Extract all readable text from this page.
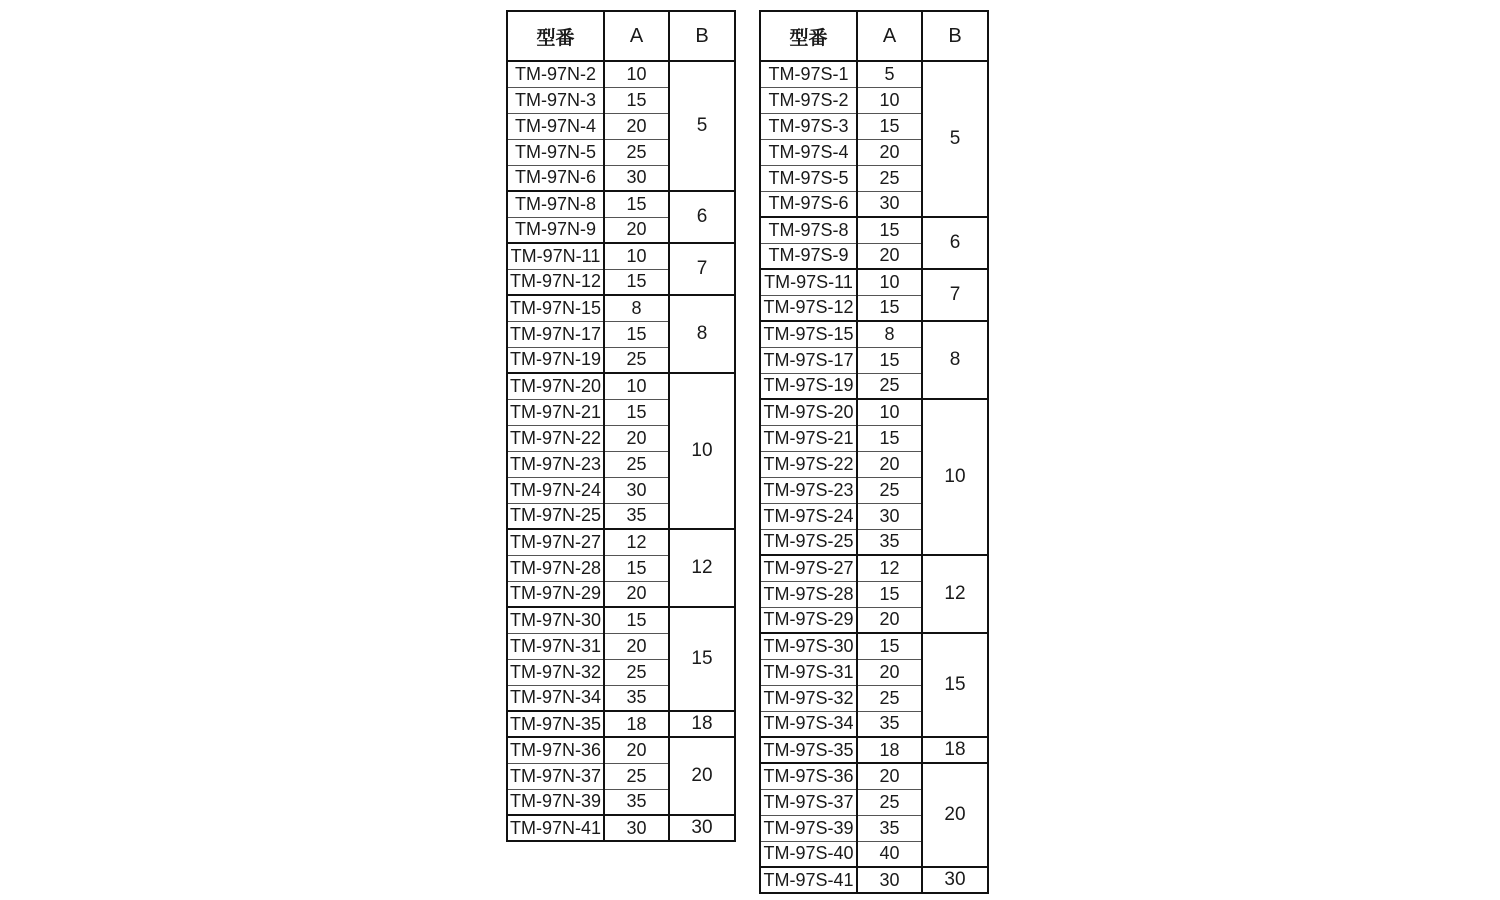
型番	A	B
TM-97N-2	10	5
TM-97N-3	15	
TM-97N-4	20	
TM-97N-5	25	
TM-97N-6	30	
TM-97N-8	15	6
TM-97N-9	20	
TM-97N-11	10	7
TM-97N-12	15	
TM-97N-15	8	8
TM-97N-17	15	
TM-97N-19	25	
TM-97N-20	10	10
TM-97N-21	15	
TM-97N-22	20	
TM-97N-23	25	
TM-97N-24	30	
TM-97N-25	35	
TM-97N-27	12	12
TM-97N-28	15	
TM-97N-29	20	
TM-97N-30	15	15
TM-97N-31	20	
TM-97N-32	25	
TM-97N-34	35	
TM-97N-35	18	18
TM-97N-36	20	20
TM-97N-37	25	
TM-97N-39	35	
TM-97N-41	30	30
型番	A	B
TM-97S-1	5	5
TM-97S-2	10	
TM-97S-3	15	
TM-97S-4	20	
TM-97S-5	25	
TM-97S-6	30	
TM-97S-8	15	6
TM-97S-9	20	
TM-97S-11	10	7
TM-97S-12	15	
TM-97S-15	8	8
TM-97S-17	15	
TM-97S-19	25	
TM-97S-20	10	10
TM-97S-21	15	
TM-97S-22	20	
TM-97S-23	25	
TM-97S-24	30	
TM-97S-25	35	
TM-97S-27	12	12
TM-97S-28	15	
TM-97S-29	20	
TM-97S-30	15	15
TM-97S-31	20	
TM-97S-32	25	
TM-97S-34	35	
TM-97S-35	18	18
TM-97S-36	20	20
TM-97S-37	25	
TM-97S-39	35	
TM-97S-40	40	
TM-97S-41	30	30
